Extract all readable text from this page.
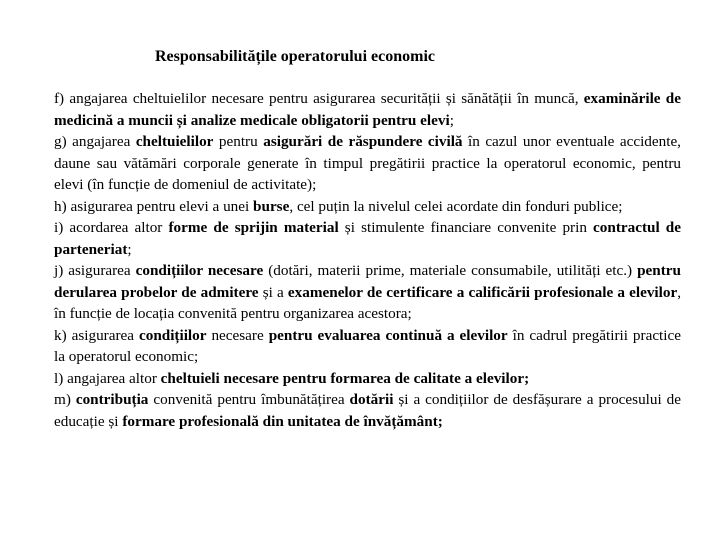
Responsabilitățile operatorului economic

f) angajarea cheltuielilor necesare pentru asigurarea securității și sănătății în muncă, examinările de medicină a muncii și analize medicale obligatorii pentru elevi;

g) angajarea cheltuielilor pentru asigurări de răspundere civilă în cazul unor eventuale accidente, daune sau vătămări corporale generate în timpul pregătirii practice la operatorul economic, pentru elevi (în funcție de domeniul de activitate);

h) asigurarea pentru elevi a unei burse, cel puțin la nivelul celei acordate din fonduri publice;

i) acordarea altor forme de sprijin material și stimulente financiare convenite prin contractul de parteneriat;

j) asigurarea condițiilor necesare (dotări, materii prime, materiale consumabile, utilități etc.) pentru derularea probelor de admitere și a examenelor de certificare a calificării profesionale a elevilor, în funcție de locația convenită pentru organizarea acestora;

k) asigurarea condițiilor necesare pentru evaluarea continuă a elevilor în cadrul pregătirii practice la operatorul economic;

l) angajarea altor cheltuieli necesare pentru formarea de calitate a elevilor;

m) contribuția convenită pentru îmbunătățirea dotării și a condițiilor de desfășurare a procesului de educație și formare profesională din unitatea de învățământ;
